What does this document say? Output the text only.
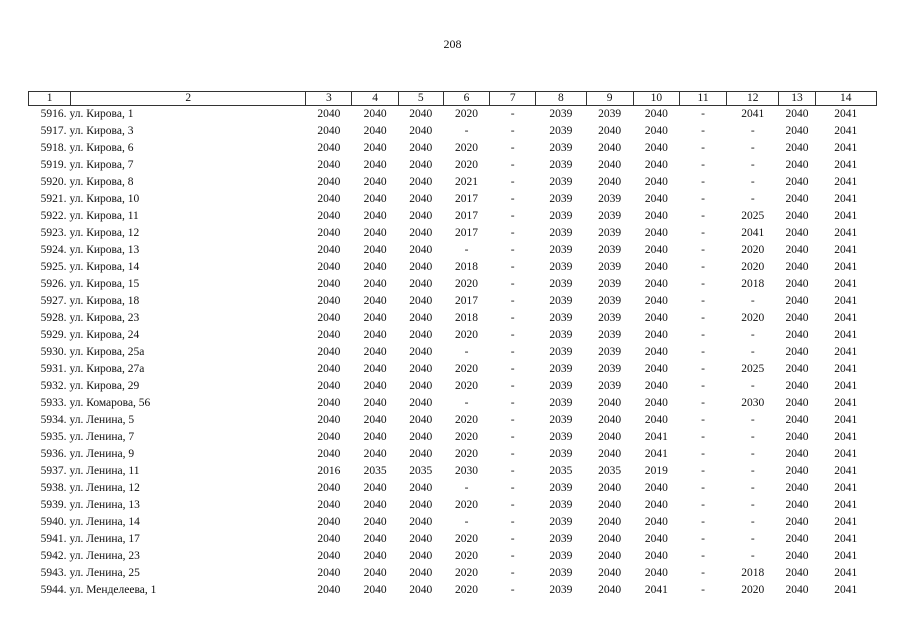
208
1	2	3	4	5	6	7	8	9	10	11	12	13	14
5916. ул. Кирова, 1		2040	2040	2040	2020	-	2039	2039	2040	-	2041	2040	2041
5917. ул. Кирова, 3		2040	2040	2040	-	-	2039	2040	2040	-	-	2040	2041
5918. ул. Кирова, 6		2040	2040	2040	2020	-	2039	2040	2040	-	-	2040	2041
5919. ул. Кирова, 7		2040	2040	2040	2020	-	2039	2040	2040	-	-	2040	2041
5920. ул. Кирова, 8		2040	2040	2040	2021	-	2039	2040	2040	-	-	2040	2041
5921. ул. Кирова, 10		2040	2040	2040	2017	-	2039	2039	2040	-	-	2040	2041
5922. ул. Кирова, 11		2040	2040	2040	2017	-	2039	2039	2040	-	2025	2040	2041
5923. ул. Кирова, 12		2040	2040	2040	2017	-	2039	2039	2040	-	2041	2040	2041
5924. ул. Кирова, 13		2040	2040	2040	-	-	2039	2039	2040	-	2020	2040	2041
5925. ул. Кирова, 14		2040	2040	2040	2018	-	2039	2039	2040	-	2020	2040	2041
5926. ул. Кирова, 15		2040	2040	2040	2020	-	2039	2039	2040	-	2018	2040	2041
5927. ул. Кирова, 18		2040	2040	2040	2017	-	2039	2039	2040	-	-	2040	2041
5928. ул. Кирова, 23		2040	2040	2040	2018	-	2039	2039	2040	-	2020	2040	2041
5929. ул. Кирова, 24		2040	2040	2040	2020	-	2039	2039	2040	-	-	2040	2041
5930. ул. Кирова, 25а		2040	2040	2040	-	-	2039	2039	2040	-	-	2040	2041
5931. ул. Кирова, 27а		2040	2040	2040	2020	-	2039	2039	2040	-	2025	2040	2041
5932. ул. Кирова, 29		2040	2040	2040	2020	-	2039	2039	2040	-	-	2040	2041
5933. ул. Комарова, 56		2040	2040	2040	-	-	2039	2040	2040	-	2030	2040	2041
5934. ул. Ленина, 5		2040	2040	2040	2020	-	2039	2040	2040	-	-	2040	2041
5935. ул. Ленина, 7		2040	2040	2040	2020	-	2039	2040	2041	-	-	2040	2041
5936. ул. Ленина, 9		2040	2040	2040	2020	-	2039	2040	2041	-	-	2040	2041
5937. ул. Ленина, 11		2016	2035	2035	2030	-	2035	2035	2019	-	-	2040	2041
5938. ул. Ленина, 12		2040	2040	2040	-	-	2039	2040	2040	-	-	2040	2041
5939. ул. Ленина, 13		2040	2040	2040	2020	-	2039	2040	2040	-	-	2040	2041
5940. ул. Ленина, 14		2040	2040	2040	-	-	2039	2040	2040	-	-	2040	2041
5941. ул. Ленина, 17		2040	2040	2040	2020	-	2039	2040	2040	-	-	2040	2041
5942. ул. Ленина, 23		2040	2040	2040	2020	-	2039	2040	2040	-	-	2040	2041
5943. ул. Ленина, 25		2040	2040	2040	2020	-	2039	2040	2040	-	2018	2040	2041
5944. ул. Менделеева, 1		2040	2040	2040	2020	-	2039	2040	2041	-	2020	2040	2041
